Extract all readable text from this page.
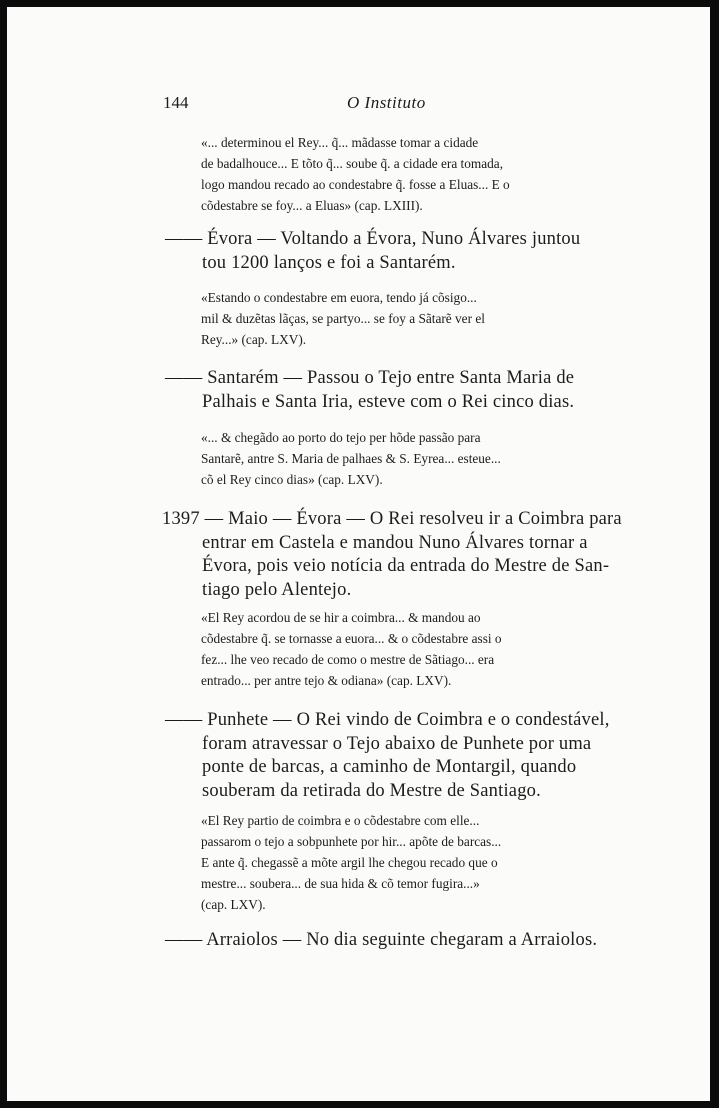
144	O Instituto
«... determinou el Rey... q̃... mãdasse tomar a cidade
de badalhouce... E tõto q̃... soube q̃. a cidade era tomada,
logo mandou recado ao condestabre q̃. fosse a Eluas... E o
cõdestabre se foy... a Eluas» (cap. LXIII).
—— Évora — Voltando a Évora, Nuno Álvares juntou
tou 1200 lanços e foi a Santarém.
«Estando o condestabre em euora, tendo já cõsigo...
mil & duzẽtas lãças, se partyo... se foy a Sãtarẽ ver el
Rey...» (cap. LXV).
—— Santarém — Passou o Tejo entre Santa Maria de
Palhais e Santa Iria, esteve com o Rei cinco dias.
«... & chegãdo ao porto do tejo per hõde passão para
Santarẽ, antre S. Maria de palhaes & S. Eyrea... esteue...
cõ el Rey cinco dias» (cap. LXV).
1397 — Maio — Évora — O Rei resolveu ir a Coimbra para
entrar em Castela e mandou Nuno Álvares tornar a
Évora, pois veio notícia da entrada do Mestre de San-
tiago pelo Alentejo.
«El Rey acordou de se hir a coimbra... & mandou ao
cõdestabre q̃. se tornasse a euora... & o cõdestabre assi o
fez... lhe veo recado de como o mestre de Sãtiago... era
entrado... per antre tejo & odiana» (cap. LXV).
—— Punhete — O Rei vindo de Coimbra e o condestável,
foram atravessar o Tejo abaixo de Punhete por uma
ponte de barcas, a caminho de Montargil, quando
souberam da retirada do Mestre de Santiago.
«El Rey partio de coimbra e o cõdestabre com elle...
passarom o tejo a sobpunhete por hir... apõte de barcas...
E ante q̃. chegassẽ a mõte argil lhe chegou recado que o
mestre... soubera... de sua hida & cõ temor fugira...»
(cap. LXV).
—— Arraiolos — No dia seguinte chegaram a Arraiolos.
